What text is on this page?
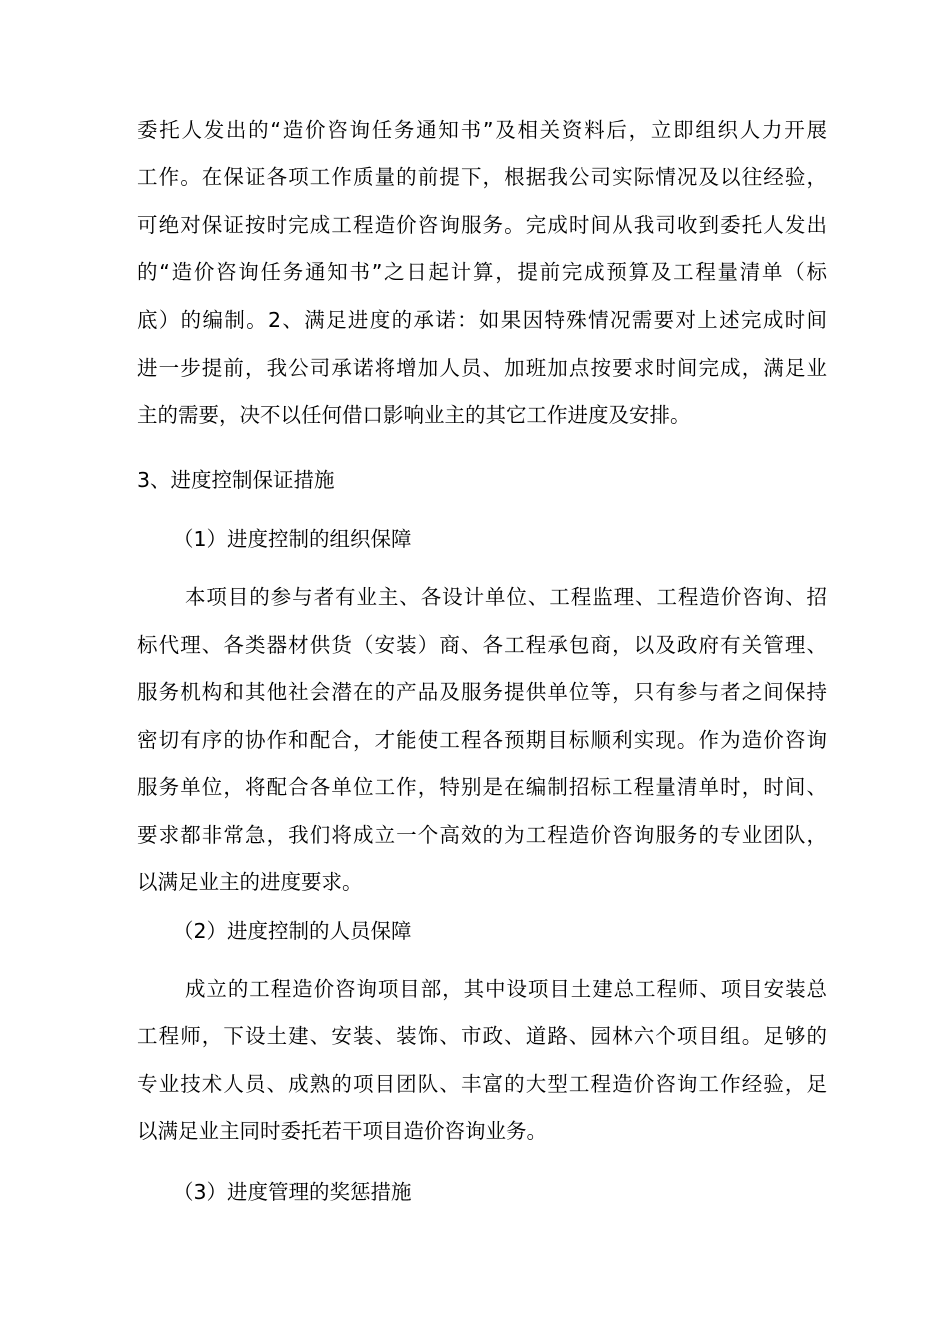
委托人发出的“造价咨询任务通知书”及相关资料后，立即组织人力开展
工作。在保证各项工作质量的前提下，根据我公司实际情况及以往经验，
可绝对保证按时完成工程造价咨询服务。完成时间从我司收到委托人发出
的“造价咨询任务通知书”之日起计算，提前完成预算及工程量清单（标
底）的编制。2、满足进度的承诺：如果因特殊情况需要对上述完成时间
进一步提前，我公司承诺将增加人员、加班加点按要求时间完成，满足业
主的需要，决不以任何借口影响业主的其它工作进度及安排。
3、进度控制保证措施
（1）进度控制的组织保障
本项目的参与者有业主、各设计单位、工程监理、工程造价咨询、招
标代理、各类器材供货（安装）商、各工程承包商，以及政府有关管理、
服务机构和其他社会潜在的产品及服务提供单位等，只有参与者之间保持
密切有序的协作和配合，才能使工程各预期目标顺利实现。作为造价咨询
服务单位，将配合各单位工作，特别是在编制招标工程量清单时，时间、
要求都非常急，我们将成立一个高效的为工程造价咨询服务的专业团队，
以满足业主的进度要求。
（2）进度控制的人员保障
成立的工程造价咨询项目部，其中设项目土建总工程师、项目安装总
工程师，下设土建、安装、装饰、市政、道路、园林六个项目组。足够的
专业技术人员、成熟的项目团队、丰富的大型工程造价咨询工作经验，足
以满足业主同时委托若干项目造价咨询业务。
（3）进度管理的奖惩措施
